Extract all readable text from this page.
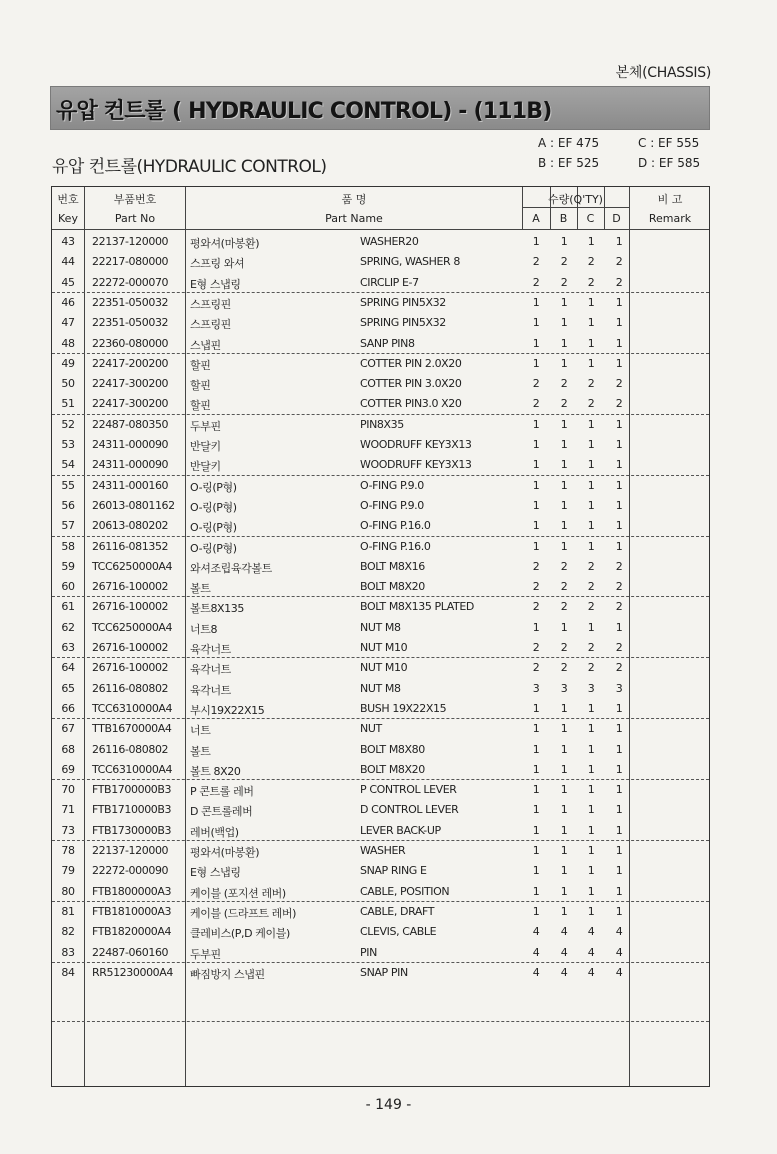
본체(CHASSIS)
유압 컨트롤 ( HYDRAULIC CONTROL) - (111B)
유압 컨트롤(HYDRAULIC CONTROL)
A : EF 475	C : EF 555
B : EF 525	D : EF 585
번호
Key
부품번호
Part No
품 명
Part Name
수량(Q'TY)
A	B	C	D
비 고
Remark
43	22137-120000 평와셔(마봉환)	WASHER20	1	1	1	1
44	22217-080000 스프링 와셔	SPRING, WASHER 8	2	2	2	2
45	22272-000070 E형 스냅링	CIRCLIP E-7	2	2	2	2
46	22351-050032 스프링핀	SPRING PIN5X32	1	1	1	1
47	22351-050032 스프링핀	SPRING PIN5X32	1	1	1	1
48	22360-080000 스냅핀	SANP PIN8	1	1	1	1
49	22417-200200 할핀	COTTER PIN 2.0X20	1	1	1	1
50	22417-300200 할핀	COTTER PIN 3.0X20	2	2	2	2
51	22417-300200 할핀	COTTER PIN3.0 X20	2	2	2	2
52	22487-080350 두부핀	PIN8X35	1	1	1	1
53	24311-000090 반달키	WOODRUFF KEY3X13	1	1	1	1
54	24311-000090 반달키	WOODRUFF KEY3X13	1	1	1	1
55	24311-000160 O-링(P형)	O-FING P.9.0	1	1	1	1
56	26013-0801162 O-링(P형)	O-FING P.9.0	1	1	1	1
57	20613-080202 O-링(P형)	O-FING P.16.0	1	1	1	1
58	26116-081352 O-링(P형)	O-FING P.16.0	1	1	1	1
59	TCC6250000A4 와셔조립육각볼트	BOLT M8X16	2	2	2	2
60	26716-100002 볼트	BOLT M8X20	2	2	2	2
61	26716-100002 볼트8X135	BOLT M8X135 PLATED	2	2	2	2
62	TCC6250000A4 너트8	NUT M8	1	1	1	1
63	26716-100002 육각너트	NUT M10	2	2	2	2
64	26716-100002 육각너트	NUT M10	2	2	2	2
65	26116-080802 육각너트	NUT M8	3	3	3	3
66	TCC6310000A4 부시19X22X15	BUSH 19X22X15	1	1	1	1
67	TTB1670000A4 너트	NUT	1	1	1	1
68	26116-080802 볼트	BOLT M8X80	1	1	1	1
69	TCC6310000A4 볼트 8X20	BOLT M8X20	1	1	1	1
70	FTB1700000B3 P 콘트롤 레버	P CONTROL LEVER	1	1	1	1
71	FTB1710000B3 D 콘트롤레버	D CONTROL LEVER	1	1	1	1
73	FTB1730000B3 레버(백업)	LEVER BACK-UP	1	1	1	1
78	22137-120000 평와셔(마봉환)	WASHER	1	1	1	1
79	22272-000090 E형 스냅링	SNAP RING E	1	1	1	1
80	FTB1800000A3 케이블 (포지션 레버)	CABLE, POSITION	1	1	1	1
81	FTB1810000A3 케이블 (드라프트 레버)	CABLE, DRAFT	1	1	1	1
82	FTB1820000A4 클레비스(P,D 케이블)	CLEVIS, CABLE	4	4	4	4
83	22487-060160 두부핀	PIN	4	4	4	4
84	RR51230000A4 빠짐방지 스냅핀	SNAP PIN	4	4	4	4
- 149 -
